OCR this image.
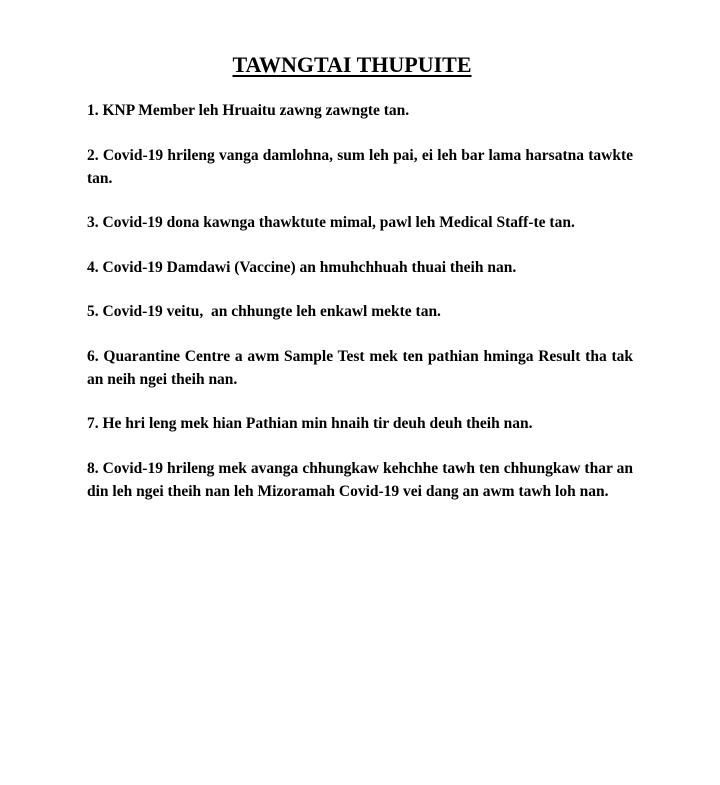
TAWNGTAI THUPUITE
1. KNP Member leh Hruaitu zawng zawngte tan.
2. Covid-19 hrileng vanga damlohna, sum leh pai, ei leh bar lama harsatna tawkte tan.
3. Covid-19 dona kawnga thawktute mimal, pawl leh Medical Staff-te tan.
4. Covid-19 Damdawi (Vaccine) an hmuhchhuah thuai theih nan.
5. Covid-19 veitu,  an chhungte leh enkawl mekte tan.
6. Quarantine Centre a awm Sample Test mek ten pathian hminga Result tha tak an neih ngei theih nan.
7. He hri leng mek hian Pathian min hnaih tir deuh deuh theih nan.
8. Covid-19 hrileng mek avanga chhungkaw kehchhe tawh ten chhungkaw thar an din leh ngei theih nan leh Mizoramah Covid-19 vei dang an awm tawh loh nan.
